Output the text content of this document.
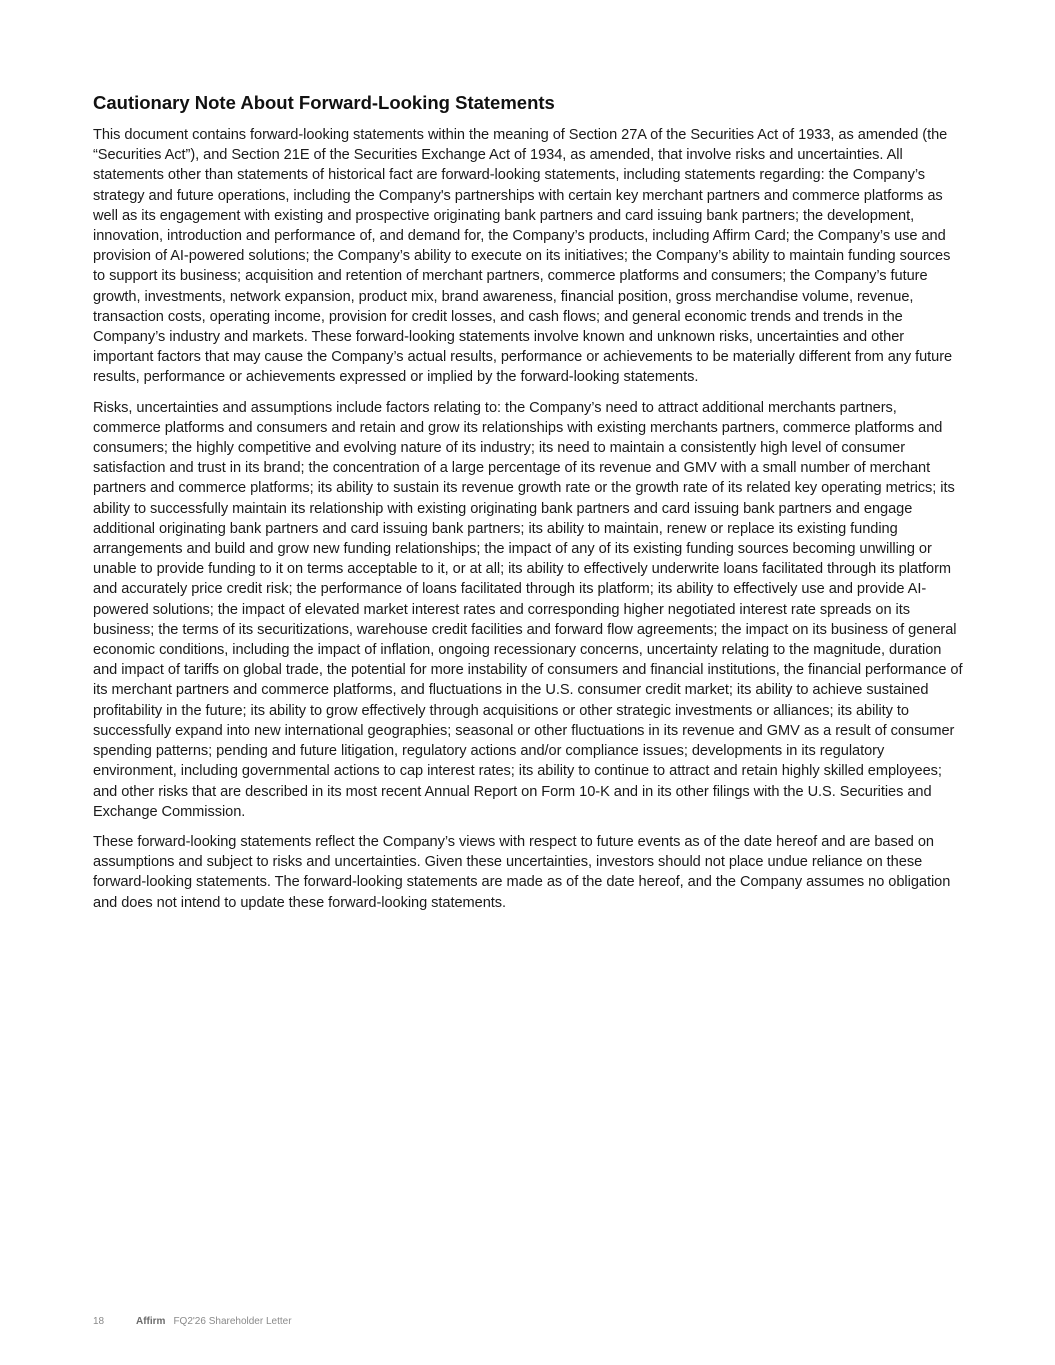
Cautionary Note About Forward-Looking Statements

This document contains forward-looking statements within the meaning of Section 27A of the Securities Act of 1933, as amended (the “Securities Act”), and Section 21E of the Securities Exchange Act of 1934, as amended, that involve risks and uncertainties. All statements other than statements of historical fact are forward-looking statements, including statements regarding: the Company’s strategy and future operations, including the Company's partnerships with certain key merchant partners and commerce platforms as well as its engagement with existing and prospective originating bank partners and card issuing bank partners; the development, innovation, introduction and performance of, and demand for, the Company’s products, including Affirm Card; the Company’s use and provision of AI-powered solutions; the Company’s ability to execute on its initiatives; the Company’s ability to maintain funding sources to support its business; acquisition and retention of merchant partners, commerce platforms and consumers; the Company’s future growth, investments, network expansion, product mix, brand awareness, financial position, gross merchandise volume, revenue, transaction costs, operating income, provision for credit losses, and cash flows; and general economic trends and trends in the Company’s industry and markets. These forward-looking statements involve known and unknown risks, uncertainties and other important factors that may cause the Company’s actual results, performance or achievements to be materially different from any future results, performance or achievements expressed or implied by the forward-looking statements.

Risks, uncertainties and assumptions include factors relating to: the Company’s need to attract additional merchants partners, commerce platforms and consumers and retain and grow its relationships with existing merchants partners, commerce platforms and consumers; the highly competitive and evolving nature of its industry; its need to maintain a consistently high level of consumer satisfaction and trust in its brand; the concentration of a large percentage of its revenue and GMV with a small number of merchant partners and commerce platforms; its ability to sustain its revenue growth rate or the growth rate of its related key operating metrics; its ability to successfully maintain its relationship with existing originating bank partners and card issuing bank partners and engage additional originating bank partners and card issuing bank partners; its ability to maintain, renew or replace its existing funding arrangements and build and grow new funding relationships; the impact of any of its existing funding sources becoming unwilling or unable to provide funding to it on terms acceptable to it, or at all; its ability to effectively underwrite loans facilitated through its platform and accurately price credit risk; the performance of loans facilitated through its platform; its ability to effectively use and provide AI-powered solutions; the impact of elevated market interest rates and corresponding higher negotiated interest rate spreads on its business; the terms of its securitizations, warehouse credit facilities and forward flow agreements; the impact on its business of general economic conditions, including the impact of inflation, ongoing recessionary concerns, uncertainty relating to the magnitude, duration and impact of tariffs on global trade, the potential for more instability of consumers and financial institutions, the financial performance of its merchant partners and commerce platforms, and fluctuations in the U.S. consumer credit market; its ability to achieve sustained profitability in the future; its ability to grow effectively through acquisitions or other strategic investments or alliances; its ability to successfully expand into new international geographies; seasonal or other fluctuations in its revenue and GMV as a result of consumer spending patterns; pending and future litigation, regulatory actions and/or compliance issues; developments in its regulatory environment, including governmental actions to cap interest rates; its ability to continue to attract and retain highly skilled employees; and other risks that are described in its most recent Annual Report on Form 10-K and in its other filings with the U.S. Securities and Exchange Commission.

These forward-looking statements reflect the Company’s views with respect to future events as of the date hereof and are based on assumptions and subject to risks and uncertainties. Given these uncertainties, investors should not place undue reliance on these forward-looking statements. The forward-looking statements are made as of the date hereof, and the Company assumes no obligation and does not intend to update these forward-looking statements.

18	Affirm FQ2'26 Shareholder Letter
